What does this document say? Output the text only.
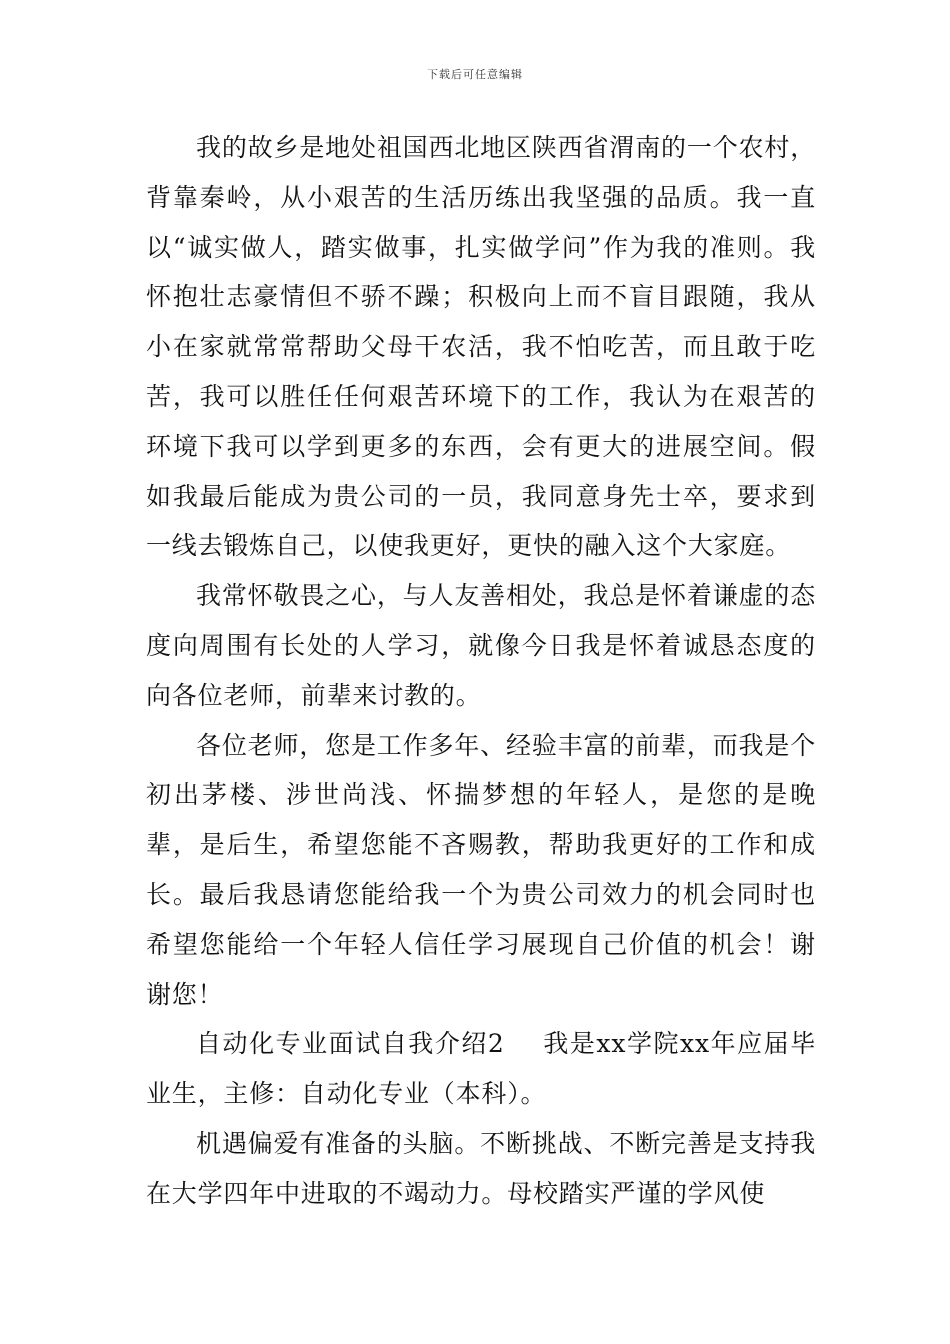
下载后可任意编辑

我的故乡是地处祖国西北地区陕西省渭南的一个农村，背靠秦岭，从小艰苦的生活历练出我坚强的品质。我一直以“诚实做人，踏实做事，扎实做学问”作为我的准则。我怀抱壮志豪情但不骄不躁；积极向上而不盲目跟随，我从小在家就常常帮助父母干农活，我不怕吃苦，而且敢于吃苦，我可以胜任任何艰苦环境下的工作，我认为在艰苦的环境下我可以学到更多的东西，会有更大的进展空间。假如我最后能成为贵公司的一员，我同意身先士卒，要求到一线去锻炼自己，以使我更好，更快的融入这个大家庭。

我常怀敬畏之心，与人友善相处，我总是怀着谦虚的态度向周围有长处的人学习，就像今日我是怀着诚恳态度的向各位老师，前辈来讨教的。

各位老师，您是工作多年、经验丰富的前辈，而我是个初出茅楼、涉世尚浅、怀揣梦想的年轻人，是您的是晚辈，是后生，希望您能不吝赐教，帮助我更好的工作和成长。最后我恳请您能给我一个为贵公司效力的机会同时也希望您能给一个年轻人信任学习展现自己价值的机会！谢谢您！

自动化专业面试自我介绍2 我是xx学院xx年应届毕业生，主修：自动化专业（本科）。

机遇偏爱有准备的头脑。不断挑战、不断完善是支持我在大学四年中进取的不竭动力。母校踏实严谨的学风使
